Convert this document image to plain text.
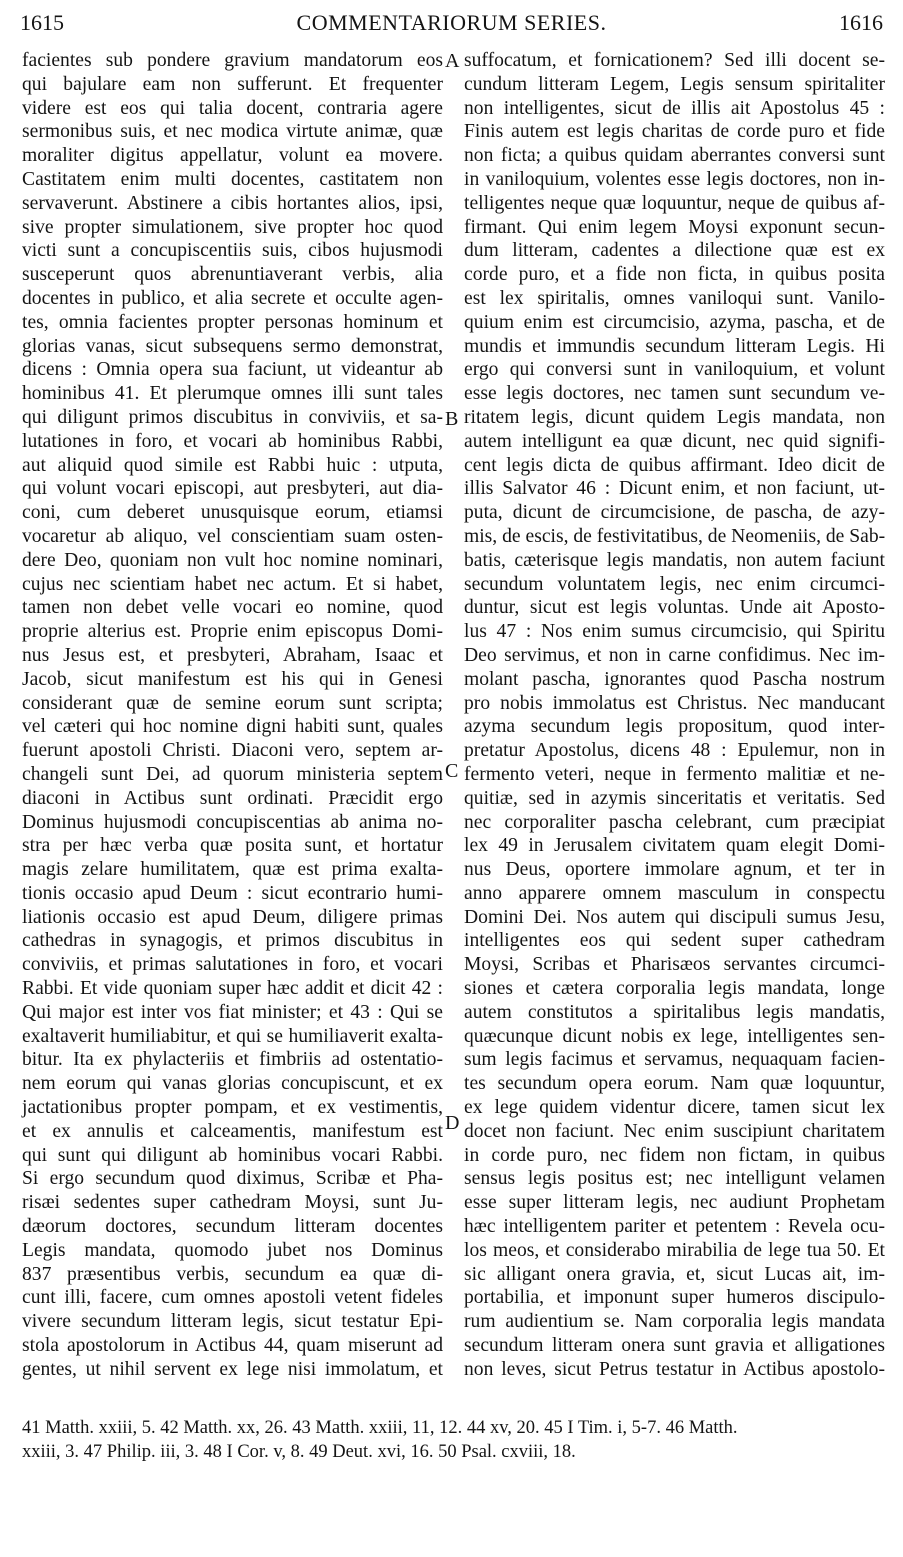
1615	COMMENTARIORUM SERIES.	1616
facientes sub pondere gravium mandatorum eos
qui bajulare eam non sufferunt. Et frequenter
videre est eos qui talia docent, contraria agere
sermonibus suis, et nec modica virtute animæ, quæ
moraliter digitus appellatur, volunt ea movere.
Castitatem enim multi docentes, castitatem non
servaverunt. Abstinere a cibis hortantes alios, ipsi,
sive propter simulationem, sive propter hoc quod
victi sunt a concupiscentiis suis, cibos hujusmodi
susceperunt quos abrenuntiaverant verbis, alia
docentes in publico, et alia secrete et occulte agen-
tes, omnia facientes propter personas hominum et
glorias vanas, sicut subsequens sermo demonstrat,
dicens : Omnia opera sua faciunt, ut videantur ab
hominibus 41. Et plerumque omnes illi sunt tales
qui diligunt primos discubitus in conviviis, et sa-
lutationes in foro, et vocari ab hominibus Rabbi,
aut aliquid quod simile est Rabbi huic : utputa,
qui volunt vocari episcopi, aut presbyteri, aut dia-
coni, cum deberet unusquisque eorum, etiamsi
vocaretur ab aliquo, vel conscientiam suam osten-
dere Deo, quoniam non vult hoc nomine nominari,
cujus nec scientiam habet nec actum. Et si habet,
tamen non debet velle vocari eo nomine, quod
proprie alterius est. Proprie enim episcopus Domi-
nus Jesus est, et presbyteri, Abraham, Isaac et
Jacob, sicut manifestum est his qui in Genesi
considerant quæ de semine eorum sunt scripta;
vel cæteri qui hoc nomine digni habiti sunt, quales
fuerunt apostoli Christi. Diaconi vero, septem ar-
changeli sunt Dei, ad quorum ministeria septem
diaconi in Actibus sunt ordinati. Præcidit ergo
Dominus hujusmodi concupiscentias ab anima no-
stra per hæc verba quæ posita sunt, et hortatur
magis zelare humilitatem, quæ est prima exalta-
tionis occasio apud Deum : sicut econtrario humi-
liationis occasio est apud Deum, diligere primas
cathedras in synagogis, et primos discubitus in
conviviis, et primas salutationes in foro, et vocari
Rabbi. Et vide quoniam super hæc addit et dicit 42 :
Qui major est inter vos fiat minister; et 43 : Qui se
exaltaverit humiliabitur, et qui se humiliaverit exalta-
bitur. Ita ex phylacteriis et fimbriis ad ostentatio-
nem eorum qui vanas glorias concupiscunt, et ex
jactationibus propter pompam, et ex vestimentis,
et ex annulis et calceamentis, manifestum est
qui sunt qui diligunt ab hominibus vocari Rabbi.
Si ergo secundum quod diximus, Scribæ et Pha-
risæi sedentes super cathedram Moysi, sunt Ju-
dæorum doctores, secundum litteram docentes
Legis mandata, quomodo jubet nos Dominus
837 præsentibus verbis, secundum ea quæ di-
cunt illi, facere, cum omnes apostoli vetent fideles
vivere secundum litteram legis, sicut testatur Epi-
stola apostolorum in Actibus 44, quam miserunt ad
gentes, ut nihil servent ex lege nisi immolatum, et
suffocatum, et fornicationem? Sed illi docent se-
cundum litteram Legem, Legis sensum spiritaliter
non intelligentes, sicut de illis ait Apostolus 45 :
Finis autem est legis charitas de corde puro et fide
non ficta; a quibus quidam aberrantes conversi sunt
in vaniloquium, volentes esse legis doctores, non in-
telligentes neque quæ loquuntur, neque de quibus af-
firmant. Qui enim legem Moysi exponunt secun-
dum litteram, cadentes a dilectione quæ est ex
corde puro, et a fide non ficta, in quibus posita
est lex spiritalis, omnes vaniloqui sunt. Vanilo-
quium enim est circumcisio, azyma, pascha, et de
mundis et immundis secundum litteram Legis. Hi
ergo qui conversi sunt in vaniloquium, et volunt
esse legis doctores, nec tamen sunt secundum ve-
ritatem legis, dicunt quidem Legis mandata, non
autem intelligunt ea quæ dicunt, nec quid signifi-
cent legis dicta de quibus affirmant. Ideo dicit de
illis Salvator 46 : Dicunt enim, et non faciunt, ut-
puta, dicunt de circumcisione, de pascha, de azy-
mis, de escis, de festivitatibus, de Neomeniis, de Sab-
batis, cæterisque legis mandatis, non autem faciunt
secundum voluntatem legis, nec enim circumci-
duntur, sicut est legis voluntas. Unde ait Aposto-
lus 47 : Nos enim sumus circumcisio, qui Spiritu
Deo servimus, et non in carne confidimus. Nec im-
molant pascha, ignorantes quod Pascha nostrum
pro nobis immolatus est Christus. Nec manducant
azyma secundum legis propositum, quod inter-
pretatur Apostolus, dicens 48 : Epulemur, non in
fermento veteri, neque in fermento malitiæ et ne-
quitiæ, sed in azymis sinceritatis et veritatis. Sed
nec corporaliter pascha celebrant, cum præcipiat
lex 49 in Jerusalem civitatem quam elegit Domi-
nus Deus, oportere immolare agnum, et ter in
anno apparere omnem masculum in conspectu
Domini Dei. Nos autem qui discipuli sumus Jesu,
intelligentes eos qui sedent super cathedram
Moysi, Scribas et Pharisæos servantes circumci-
siones et cætera corporalia legis mandata, longe
autem constitutos a spiritalibus legis mandatis,
quæcunque dicunt nobis ex lege, intelligentes sen-
sum legis facimus et servamus, nequaquam facien-
tes secundum opera eorum. Nam quæ loquuntur,
ex lege quidem videntur dicere, tamen sicut lex
docet non faciunt. Nec enim suscipiunt charitatem
in corde puro, nec fidem non fictam, in quibus
sensus legis positus est; nec intelligunt velamen
esse super litteram legis, nec audiunt Prophetam
hæc intelligentem pariter et petentem : Revela ocu-
los meos, et considerabo mirabilia de lege tua 50. Et
sic alligant onera gravia, et, sicut Lucas ait, im-
portabilia, et imponunt super humeros discipulo-
rum audientium se. Nam corporalia legis mandata
secundum litteram onera sunt gravia et alligationes
non leves, sicut Petrus testatur in Actibus apostolo-
A
B
C
D
41 Matth. xxiii, 5. 42 Matth. xx, 26. 43 Matth. xxiii, 11, 12. 44 xv, 20. 45 I Tim. i, 5-7. 46 Matth.
xxiii, 3. 47 Philip. iii, 3. 48 I Cor. v, 8. 49 Deut. xvi, 16. 50 Psal. cxviii, 18.
